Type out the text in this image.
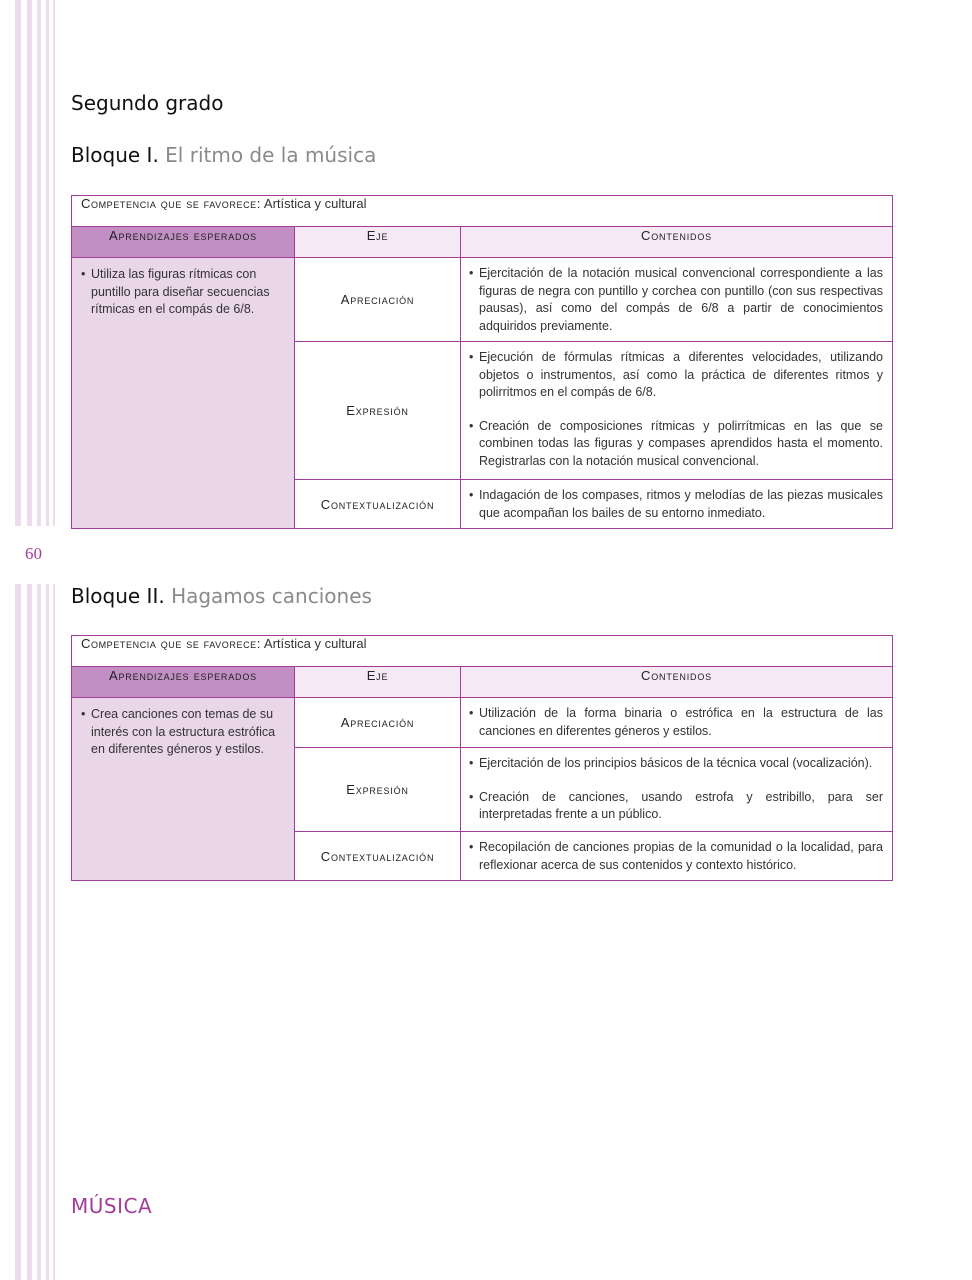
60
Segundo grado
Bloque I. El ritmo de la música
Competencia que se favorece: Artística y cultural		
Aprendizajes esperados	Eje	Contenidos

• Utiliza las figuras rítmicas con puntillo para diseñar secuencias rítmicas en el compás de 6/8.	Apreciación	• Ejercitación de la notación musical convencional correspondiente a las figuras de negra con puntillo y corchea con puntillo (con sus respectivas pausas), así como del compás de 6/8 a partir de conocimientos adquiridos previamente.

	Expresión	• Ejecución de fórmulas rítmicas a diferentes velocidades, utilizando objetos o instrumentos, así como la práctica de diferentes ritmos y polirritmos en el compás de 6/8.
• Creación de composiciones rítmicas y polirrítmicas en las que se combinen todas las figuras y compases aprendidos hasta el momento. Registrarlas con la notación musical convencional.

	Contextualización	• Indagación de los compases, ritmos y melodías de las piezas musicales que acompañan los bailes de su entorno inmediato.
Bloque II. Hagamos canciones
Competencia que se favorece: Artística y cultural		
Aprendizajes esperados	Eje	Contenidos

• Crea canciones con temas de su interés con la estructura estrófica en diferentes géneros y estilos.	Apreciación	• Utilización de la forma binaria o estrófica en la estructura de las canciones en diferentes géneros y estilos.

	Expresión	• Ejercitación de los principios básicos de la técnica vocal (vocalización).
• Creación de canciones, usando estrofa y estribillo, para ser interpretadas frente a un público.

	Contextualización	• Recopilación de canciones propias de la comunidad o la localidad, para reflexionar acerca de sus contenidos y contexto histórico.
MÚSICA
